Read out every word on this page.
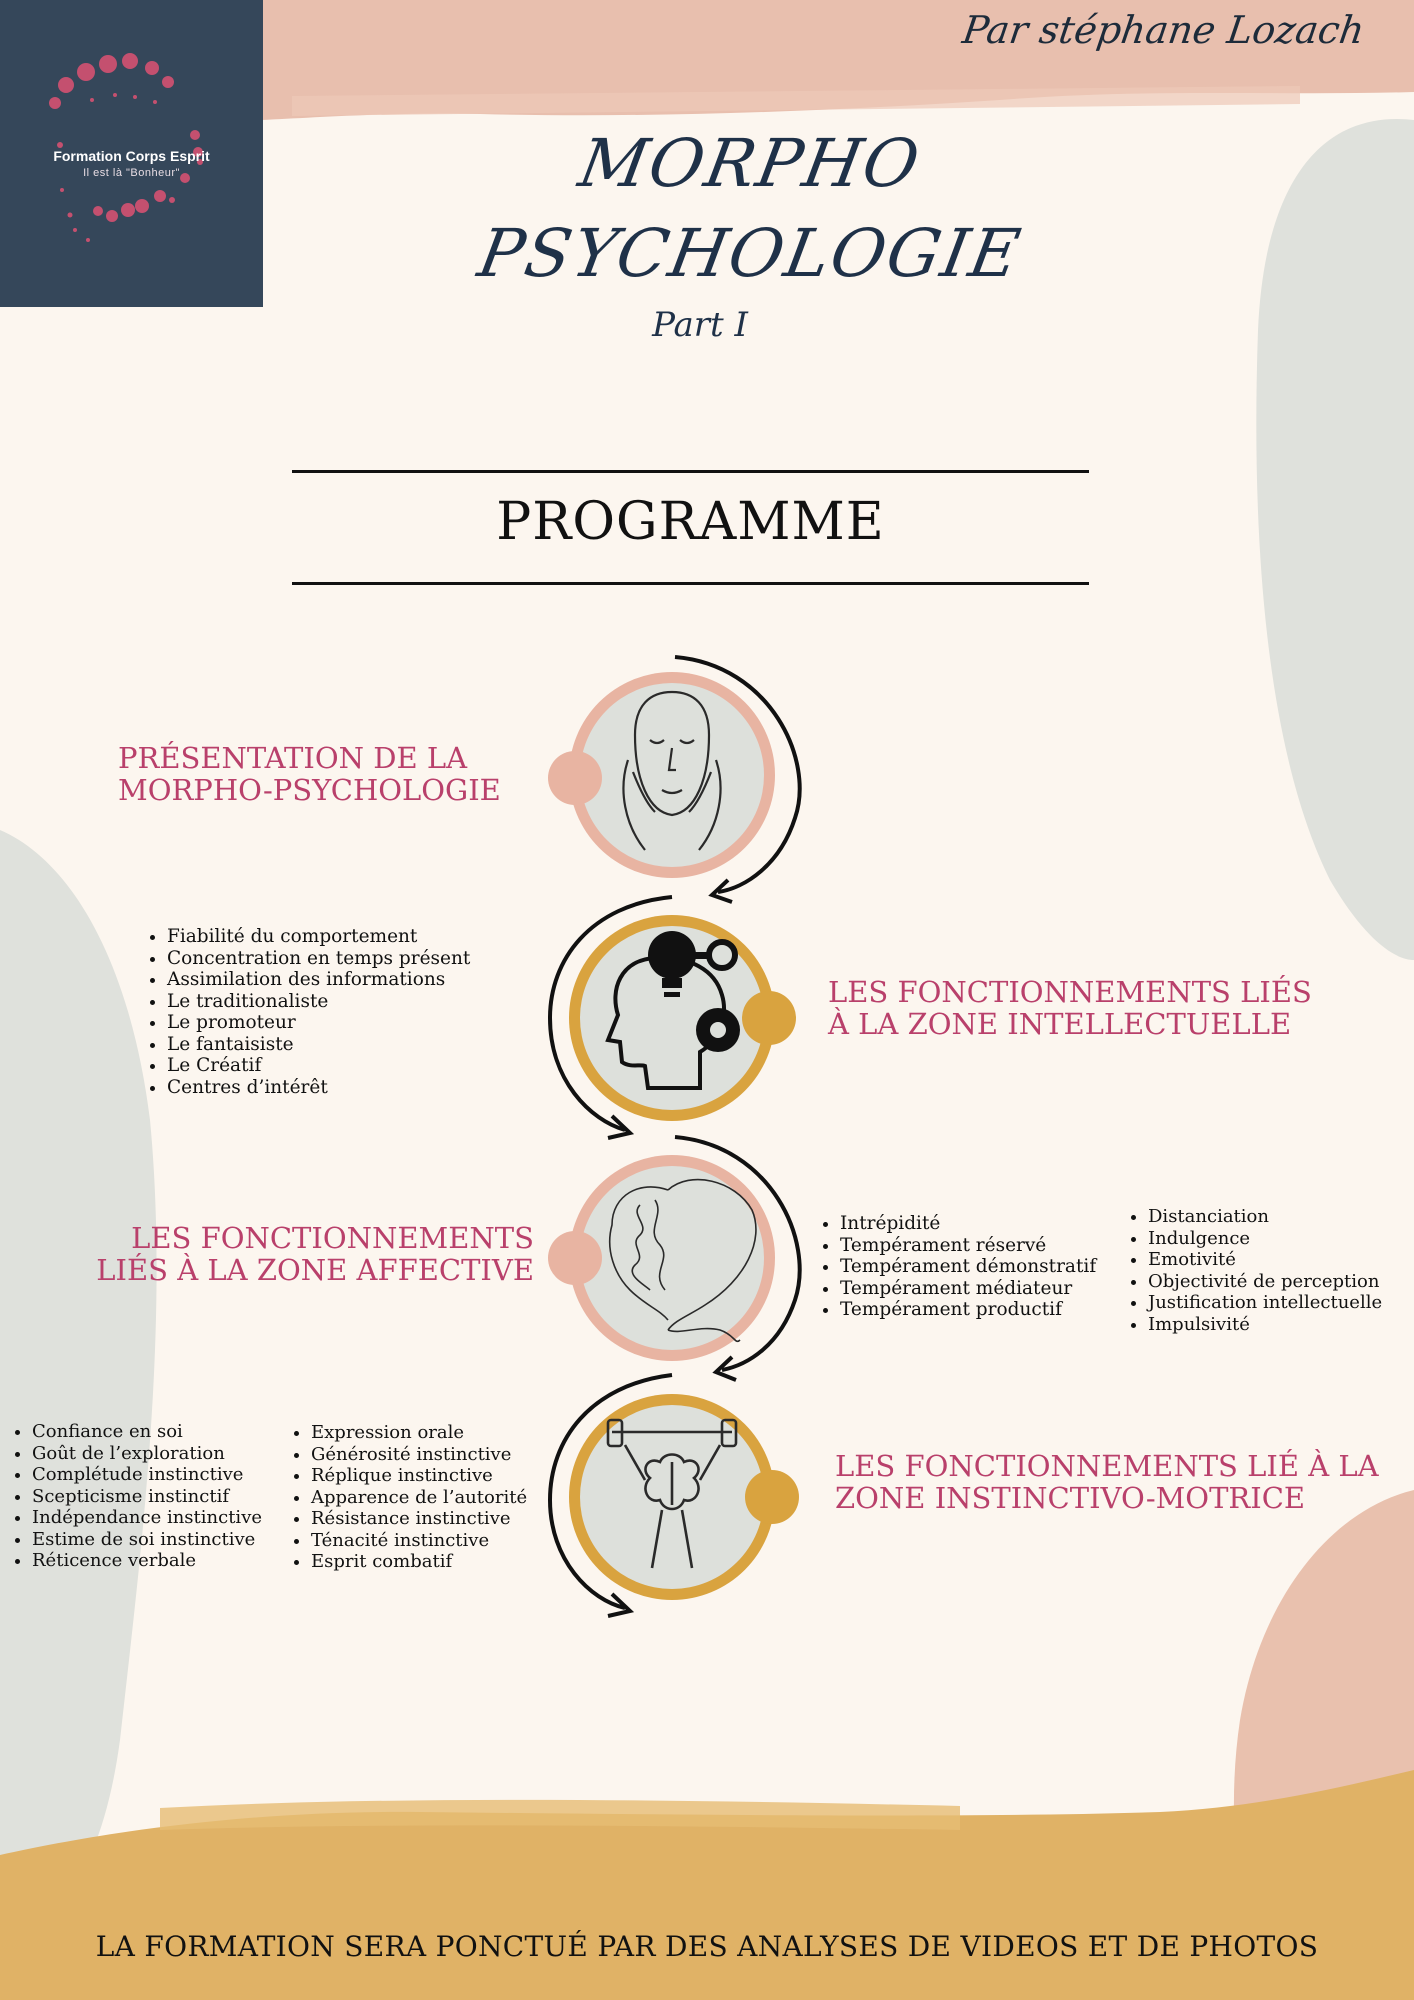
Formation Corps Esprit
Il est là "Bonheur"
Par stéphane Lozach
MORPHO
PSYCHOLOGIE
Part I
PROGRAMME
PRÉSENTATION DE LA
MORPHO-PSYCHOLOGIE
• Fiabilité du comportement
• Concentration en temps présent
• Assimilation des informations
• Le traditionaliste
• Le promoteur
• Le fantaisiste
• Le Créatif
• Centres d’intérêt
LES FONCTIONNEMENTS LIÉS
À LA ZONE INTELLECTUELLE
LES FONCTIONNEMENTS
LIÉS À LA ZONE AFFECTIVE
• Intrépidité
• Tempérament réservé
• Tempérament démonstratif
• Tempérament médiateur
• Tempérament productif
• Distanciation
• Indulgence
• Emotivité
• Objectivité de perception
• Justification intellectuelle
• Impulsivité
• Confiance en soi
• Goût de l’exploration
• Complétude instinctive
• Scepticisme instinctif
• Indépendance instinctive
• Estime de soi instinctive
• Réticence verbale
• Expression orale
• Générosité instinctive
• Réplique instinctive
• Apparence de l’autorité
• Résistance instinctive
• Ténacité instinctive
• Esprit combatif
LES FONCTIONNEMENTS LIÉ À LA
ZONE INSTINCTIVO-MOTRICE
LA FORMATION SERA PONCTUÉ PAR DES ANALYSES DE VIDEOS ET DE PHOTOS
